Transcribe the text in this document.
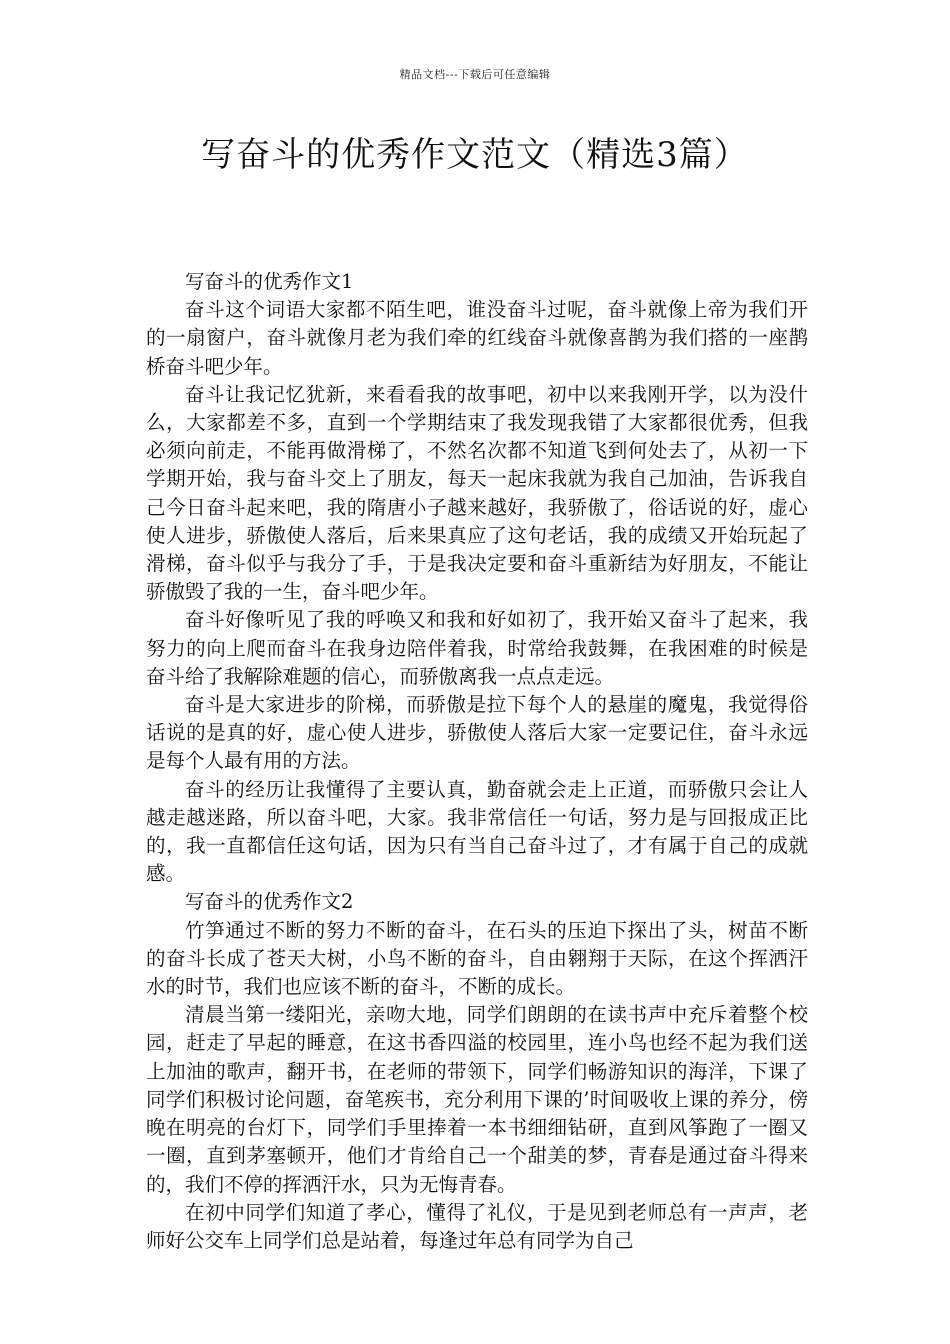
精品文档---下载后可任意编辑
写奋斗的优秀作文范文（精选3篇）

写奋斗的优秀作文1

奋斗这个词语大家都不陌生吧，谁没奋斗过呢，奋斗就像上帝为我们开的一扇窗户，奋斗就像月老为我们牵的红线奋斗就像喜鹊为我们搭的一座鹊桥奋斗吧少年。

奋斗让我记忆犹新，来看看我的故事吧，初中以来我刚开学，以为没什么，大家都差不多，直到一个学期结束了我发现我错了大家都很优秀，但我必须向前走，不能再做滑梯了，不然名次都不知道飞到何处去了，从初一下学期开始，我与奋斗交上了朋友，每天一起床我就为我自己加油，告诉我自己今日奋斗起来吧，我的隋唐小子越来越好，我骄傲了，俗话说的好，虚心使人进步，骄傲使人落后，后来果真应了这句老话，我的成绩又开始玩起了滑梯，奋斗似乎与我分了手，于是我决定要和奋斗重新结为好朋友，不能让骄傲毁了我的一生，奋斗吧少年。

奋斗好像听见了我的呼唤又和我和好如初了，我开始又奋斗了起来，我努力的向上爬而奋斗在我身边陪伴着我，时常给我鼓舞，在我困难的时候是奋斗给了我解除难题的信心，而骄傲离我一点点走远。

奋斗是大家进步的阶梯，而骄傲是拉下每个人的悬崖的魔鬼，我觉得俗话说的是真的好，虚心使人进步，骄傲使人落后大家一定要记住，奋斗永远是每个人最有用的方法。

奋斗的经历让我懂得了主要认真，勤奋就会走上正道，而骄傲只会让人越走越迷路，所以奋斗吧，大家。我非常信任一句话，努力是与回报成正比的，我一直都信任这句话，因为只有当自己奋斗过了，才有属于自己的成就感。

写奋斗的优秀作文2

竹笋通过不断的努力不断的奋斗，在石头的压迫下探出了头，树苗不断的奋斗长成了苍天大树，小鸟不断的奋斗，自由翱翔于天际，在这个挥洒汗水的时节，我们也应该不断的奋斗，不断的成长。

清晨当第一缕阳光，亲吻大地，同学们朗朗的在读书声中充斥着整个校园，赶走了早起的睡意，在这书香四溢的校园里，连小鸟也经不起为我们送上加油的歌声，翻开书，在老师的带领下，同学们畅游知识的海洋，下课了同学们积极讨论问题，奋笔疾书，充分利用下课的’时间吸收上课的养分，傍晚在明亮的台灯下，同学们手里捧着一本书细细钻研，直到风筝跑了一圈又一圈，直到茅塞顿开，他们才肯给自己一个甜美的梦，青春是通过奋斗得来的，我们不停的挥洒汗水，只为无悔青春。

在初中同学们知道了孝心，懂得了礼仪，于是见到老师总有一声声，老师好公交车上同学们总是站着，每逢过年总有同学为自己
